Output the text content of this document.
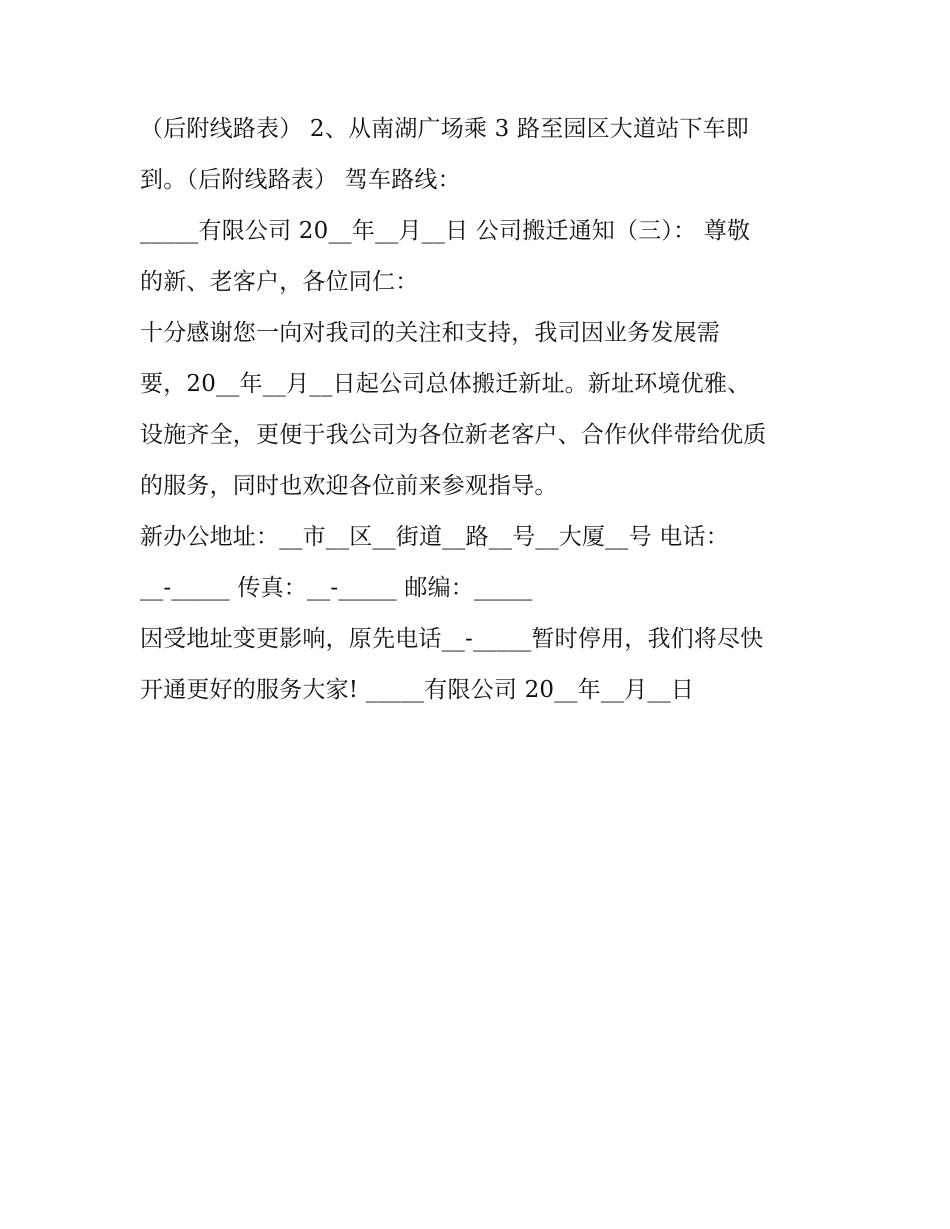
（后附线路表） 2、从南湖广场乘 3 路至园区大道站下车即
到。（后附线路表） 驾车路线：
_____有限公司 20__年__月__日 公司搬迁通知（三）： 尊敬
的新、老客户，各位同仁：
十分感谢您一向对我司的关注和支持，我司因业务发展需
要，20__年__月__日起公司总体搬迁新址。新址环境优雅、
设施齐全，更便于我公司为各位新老客户、合作伙伴带给优质
的服务，同时也欢迎各位前来参观指导。
新办公地址：__市__区__街道__路__号__大厦__号 电话：
__-_____ 传真：__-_____ 邮编：_____
因受地址变更影响，原先电话__-_____暂时停用，我们将尽快
开通更好的服务大家! _____有限公司 20__年__月__日
